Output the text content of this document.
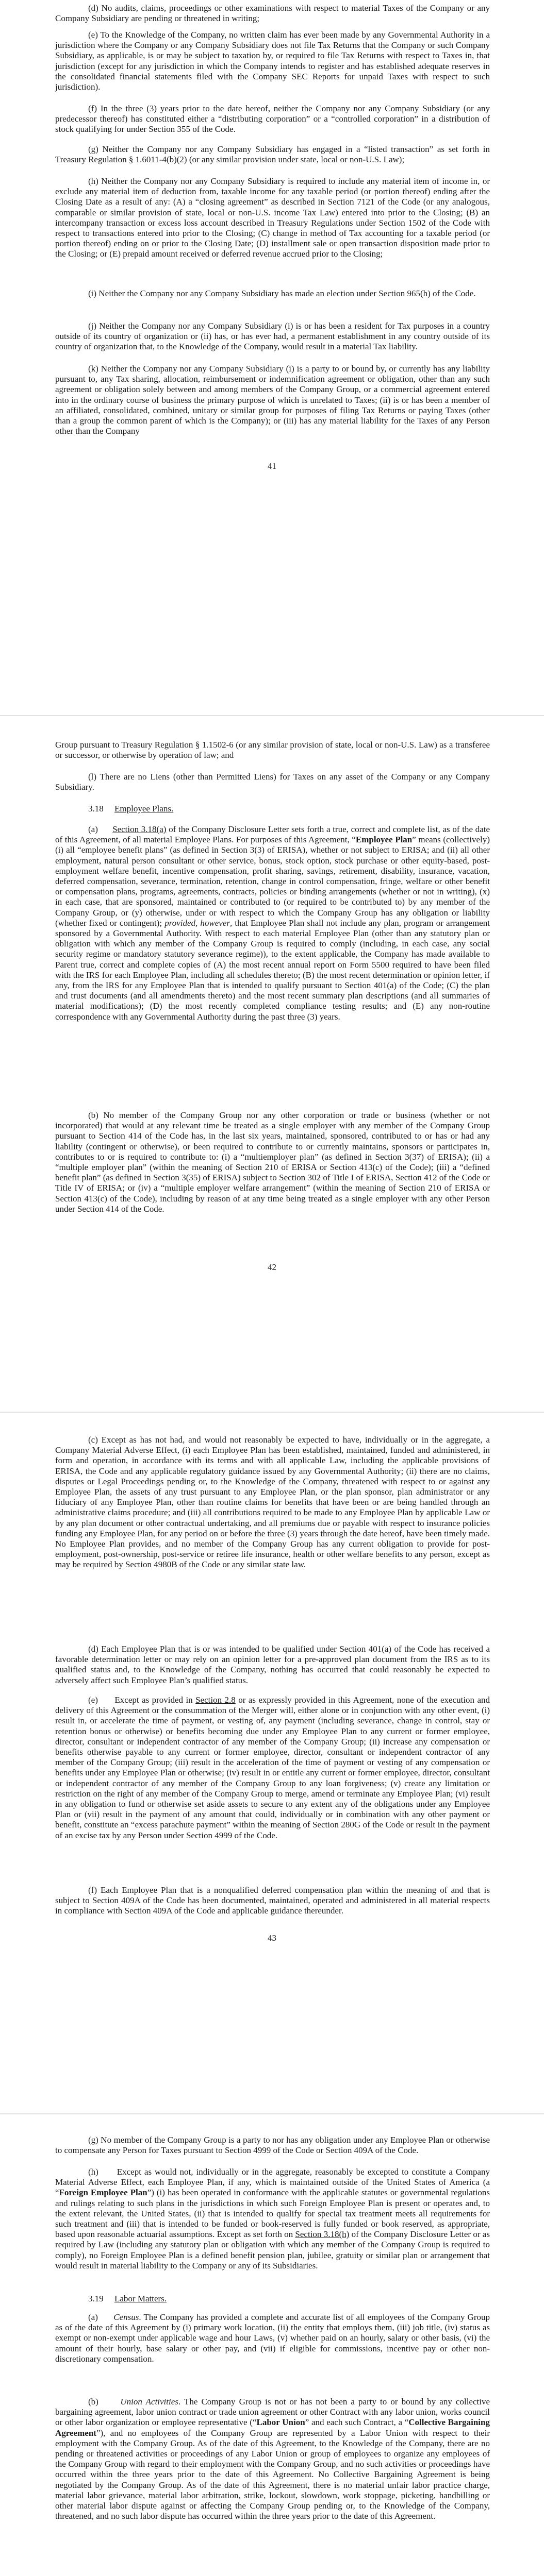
(d) No audits, claims, proceedings or other examinations with respect to material Taxes of the Company or any Company Subsidiary are pending or threatened in writing;

(e) To the Knowledge of the Company, no written claim has ever been made by any Governmental Authority in a jurisdiction where the Company or any Company Subsidiary does not file Tax Returns that the Company or such Company Subsidiary, as applicable, is or may be subject to taxation by, or required to file Tax Returns with respect to Taxes in, that jurisdiction (except for any jurisdiction in which the Company intends to register and has established adequate reserves in the consolidated financial statements filed with the Company SEC Reports for unpaid Taxes with respect to such jurisdiction).

(f) In the three (3) years prior to the date hereof, neither the Company nor any Company Subsidiary (or any predecessor thereof) has constituted either a “distributing corporation” or a “controlled corporation” in a distribution of stock qualifying for under Section 355 of the Code.

(g) Neither the Company nor any Company Subsidiary has engaged in a “listed transaction” as set forth in Treasury Regulation § 1.6011-4(b)(2) (or any similar provision under state, local or non-U.S. Law);

(h) Neither the Company nor any Company Subsidiary is required to include any material item of income in, or exclude any material item of deduction from, taxable income for any taxable period (or portion thereof) ending after the Closing Date as a result of any: (A) a “closing agreement” as described in Section 7121 of the Code (or any analogous, comparable or similar provision of state, local or non-U.S. income Tax Law) entered into prior to the Closing; (B) an intercompany transaction or excess loss account described in Treasury Regulations under Section 1502 of the Code with respect to transactions entered into prior to the Closing; (C) change in method of Tax accounting for a taxable period (or portion thereof) ending on or prior to the Closing Date; (D) installment sale or open transaction disposition made prior to the Closing; or (E) prepaid amount received or deferred revenue accrued prior to the Closing;

(i) Neither the Company nor any Company Subsidiary has made an election under Section 965(h) of the Code.

(j) Neither the Company nor any Company Subsidiary (i) is or has been a resident for Tax purposes in a country outside of its country of organization or (ii) has, or has ever had, a permanent establishment in any country outside of its country of organization that, to the Knowledge of the Company, would result in a material Tax liability.

(k) Neither the Company nor any Company Subsidiary (i) is a party to or bound by, or currently has any liability pursuant to, any Tax sharing, allocation, reimbursement or indemnification agreement or obligation, other than any such agreement or obligation solely between and among members of the Company Group, or a commercial agreement entered into in the ordinary course of business the primary purpose of which is unrelated to Taxes; (ii) is or has been a member of an affiliated, consolidated, combined, unitary or similar group for purposes of filing Tax Returns or paying Taxes (other than a group the common parent of which is the Company); or (iii) has any material liability for the Taxes of any Person other than the Company

41

Group pursuant to Treasury Regulation § 1.1502-6 (or any similar provision of state, local or non-U.S. Law) as a transferee or successor, or otherwise by operation of law; and

(l) There are no Liens (other than Permitted Liens) for Taxes on any asset of the Company or any Company Subsidiary.

3.18 Employee Plans.

(a) Section 3.18(a) of the Company Disclosure Letter sets forth a true, correct and complete list, as of the date of this Agreement, of all material Employee Plans. For purposes of this Agreement, “Employee Plan” means (collectively) (i) all “employee benefit plans” (as defined in Section 3(3) of ERISA), whether or not subject to ERISA; and (ii) all other employment, natural person consultant or other service, bonus, stock option, stock purchase or other equity-based, post-employment welfare benefit, incentive compensation, profit sharing, savings, retirement, disability, insurance, vacation, deferred compensation, severance, termination, retention, change in control compensation, fringe, welfare or other benefit or compensation plans, programs, agreements, contracts, policies or binding arrangements (whether or not in writing), (x) in each case, that are sponsored, maintained or contributed to (or required to be contributed to) by any member of the Company Group, or (y) otherwise, under or with respect to which the Company Group has any obligation or liability (whether fixed or contingent); provided, however, that Employee Plan shall not include any plan, program or arrangement sponsored by a Governmental Authority. With respect to each material Employee Plan (other than any statutory plan or obligation with which any member of the Company Group is required to comply (including, in each case, any social security regime or mandatory statutory severance regime)), to the extent applicable, the Company has made available to Parent true, correct and complete copies of (A) the most recent annual report on Form 5500 required to have been filed with the IRS for each Employee Plan, including all schedules thereto; (B) the most recent determination or opinion letter, if any, from the IRS for any Employee Plan that is intended to qualify pursuant to Section 401(a) of the Code; (C) the plan and trust documents (and all amendments thereto) and the most recent summary plan descriptions (and all summaries of material modifications); (D) the most recently completed compliance testing results; and (E) any non-routine correspondence with any Governmental Authority during the past three (3) years.

(b) No member of the Company Group nor any other corporation or trade or business (whether or not incorporated) that would at any relevant time be treated as a single employer with any member of the Company Group pursuant to Section 414 of the Code has, in the last six years, maintained, sponsored, contributed to or has or had any liability (contingent or otherwise), or been required to contribute to or currently maintains, sponsors or participates in, contributes to or is required to contribute to: (i) a “multiemployer plan” (as defined in Section 3(37) of ERISA); (ii) a “multiple employer plan” (within the meaning of Section 210 of ERISA or Section 413(c) of the Code); (iii) a “defined benefit plan” (as defined in Section 3(35) of ERISA) subject to Section 302 of Title I of ERISA, Section 412 of the Code or Title IV of ERISA; or (iv) a “multiple employer welfare arrangement” (within the meaning of Section 210 of ERISA or Section 413(c) of the Code), including by reason of at any time being treated as a single employer with any other Person under Section 414 of the Code.

42

(c) Except as has not had, and would not reasonably be expected to have, individually or in the aggregate, a Company Material Adverse Effect, (i) each Employee Plan has been established, maintained, funded and administered, in form and operation, in accordance with its terms and with all applicable Law, including the applicable provisions of ERISA, the Code and any applicable regulatory guidance issued by any Governmental Authority; (ii) there are no claims, disputes or Legal Proceedings pending or, to the Knowledge of the Company, threatened with respect to or against any Employee Plan, the assets of any trust pursuant to any Employee Plan, or the plan sponsor, plan administrator or any fiduciary of any Employee Plan, other than routine claims for benefits that have been or are being handled through an administrative claims procedure; and (iii) all contributions required to be made to any Employee Plan by applicable Law or by any plan document or other contractual undertaking, and all premiums due or payable with respect to insurance policies funding any Employee Plan, for any period on or before the three (3) years through the date hereof, have been timely made. No Employee Plan provides, and no member of the Company Group has any current obligation to provide for post-employment, post-ownership, post-service or retiree life insurance, health or other welfare benefits to any person, except as may be required by Section 4980B of the Code or any similar state law.

(d) Each Employee Plan that is or was intended to be qualified under Section 401(a) of the Code has received a favorable determination letter or may rely on an opinion letter for a pre-approved plan document from the IRS as to its qualified status and, to the Knowledge of the Company, nothing has occurred that could reasonably be expected to adversely affect such Employee Plan’s qualified status.

(e) Except as provided in Section 2.8 or as expressly provided in this Agreement, none of the execution and delivery of this Agreement or the consummation of the Merger will, either alone or in conjunction with any other event, (i) result in, or accelerate the time of payment, or vesting of, any payment (including severance, change in control, stay or retention bonus or otherwise) or benefits becoming due under any Employee Plan to any current or former employee, director, consultant or independent contractor of any member of the Company Group; (ii) increase any compensation or benefits otherwise payable to any current or former employee, director, consultant or independent contractor of any member of the Company Group; (iii) result in the acceleration of the time of payment or vesting of any compensation or benefits under any Employee Plan or otherwise; (iv) result in or entitle any current or former employee, director, consultant or independent contractor of any member of the Company Group to any loan forgiveness; (v) create any limitation or restriction on the right of any member of the Company Group to merge, amend or terminate any Employee Plan; (vi) result in any obligation to fund or otherwise set aside assets to secure to any extent any of the obligations under any Employee Plan or (vii) result in the payment of any amount that could, individually or in combination with any other payment or benefit, constitute an “excess parachute payment” within the meaning of Section 280G of the Code or result in the payment of an excise tax by any Person under Section 4999 of the Code.

(f) Each Employee Plan that is a nonqualified deferred compensation plan within the meaning of and that is subject to Section 409A of the Code has been documented, maintained, operated and administered in all material respects in compliance with Section 409A of the Code and applicable guidance thereunder.

43

(g) No member of the Company Group is a party to nor has any obligation under any Employee Plan or otherwise to compensate any Person for Taxes pursuant to Section 4999 of the Code or Section 409A of the Code.

(h) Except as would not, individually or in the aggregate, reasonably be excepted to constitute a Company Material Adverse Effect, each Employee Plan, if any, which is maintained outside of the United States of America (a “Foreign Employee Plan”) (i) has been operated in conformance with the applicable statutes or governmental regulations and rulings relating to such plans in the jurisdictions in which such Foreign Employee Plan is present or operates and, to the extent relevant, the United States, (ii) that is intended to qualify for special tax treatment meets all requirements for such treatment and (iii) that is intended to be funded or book-reserved is fully funded or book reserved, as appropriate, based upon reasonable actuarial assumptions. Except as set forth on Section 3.18(h) of the Company Disclosure Letter or as required by Law (including any statutory plan or obligation with which any member of the Company Group is required to comply), no Foreign Employee Plan is a defined benefit pension plan, jubilee, gratuity or similar plan or arrangement that would result in material liability to the Company or any of its Subsidiaries.

3.19 Labor Matters.

(a) Census. The Company has provided a complete and accurate list of all employees of the Company Group as of the date of this Agreement by (i) primary work location, (ii) the entity that employs them, (iii) job title, (iv) status as exempt or non-exempt under applicable wage and hour Laws, (v) whether paid on an hourly, salary or other basis, (vi) the amount of their hourly, base salary or other pay, and (vii) if eligible for commissions, incentive pay or other non-discretionary compensation.

(b)	Union Activities. The Company Group is not or has not been a party to or bound by any collective bargaining agreement, labor union contract or trade union agreement or other Contract with any labor union, works council or other labor organization or employee representative (“Labor Union” and each such Contract, a “Collective Bargaining Agreement”), and no employees of the Company Group are represented by a Labor Union with respect to their employment with the Company Group. As of the date of this Agreement, to the Knowledge of the Company, there are no pending or threatened activities or proceedings of any Labor Union or group of employees to organize any employees of the Company Group with regard to their employment with the Company Group, and no such activities or proceedings have occurred within the three years prior to the date of this Agreement. No Collective Bargaining Agreement is being negotiated by the Company Group. As of the date of this Agreement, there is no material unfair labor practice charge, material labor grievance, material labor arbitration, strike, lockout, slowdown, work stoppage, picketing, handbilling or other material labor dispute against or affecting the Company Group pending or, to the Knowledge of the Company, threatened, and no such labor dispute has occurred within the three years prior to the date of this Agreement.
